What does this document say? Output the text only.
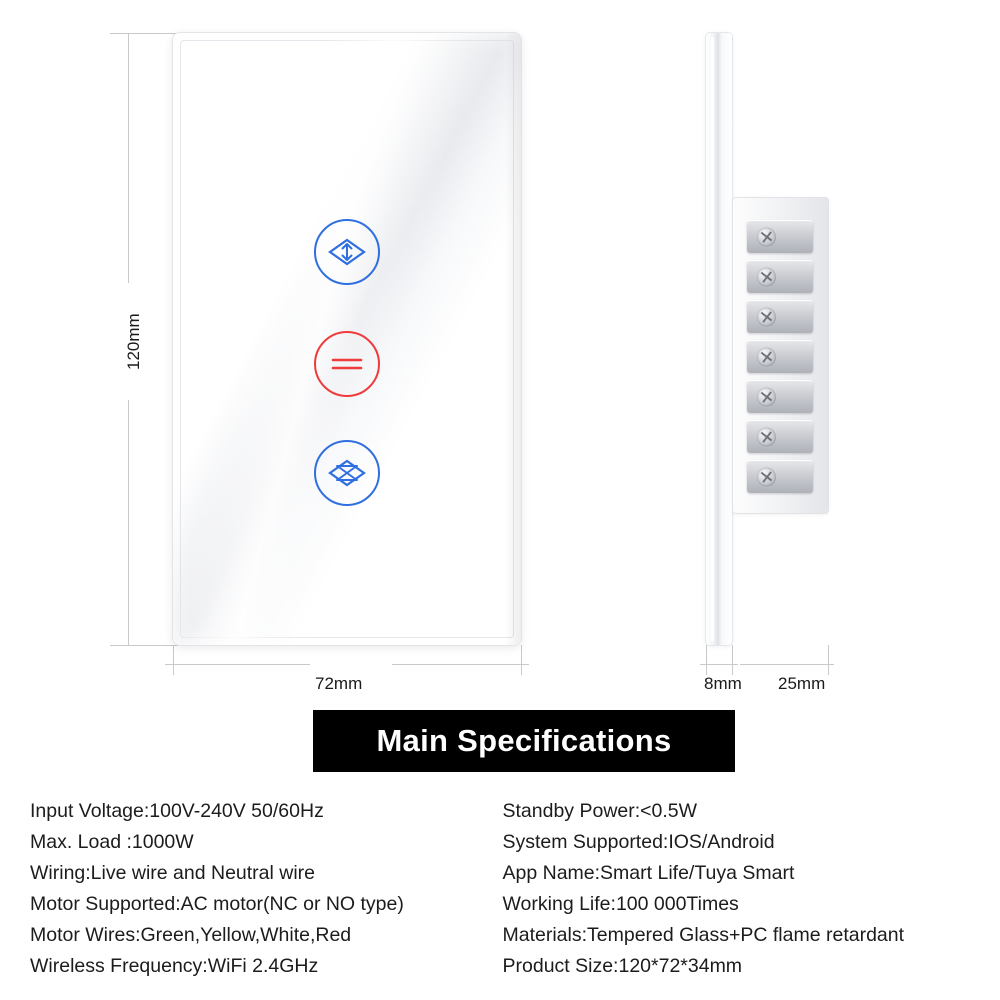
120mm
72mm	8mm 25mm
Main Specifications
Input Voltage:100V-240V 50/60Hz
Max. Load :1000W
Wiring:Live wire and Neutral wire
Motor Supported:AC motor(NC or NO type)
Motor Wires:Green,Yellow,White,Red
Wireless Frequency:WiFi 2.4GHz
Standby Power:<0.5W
System Supported:IOS/Android
App Name:Smart Life/Tuya Smart
Working Life:100 000Times
Materials:Tempered Glass+PC flame retardant
Product Size:120*72*34mm
